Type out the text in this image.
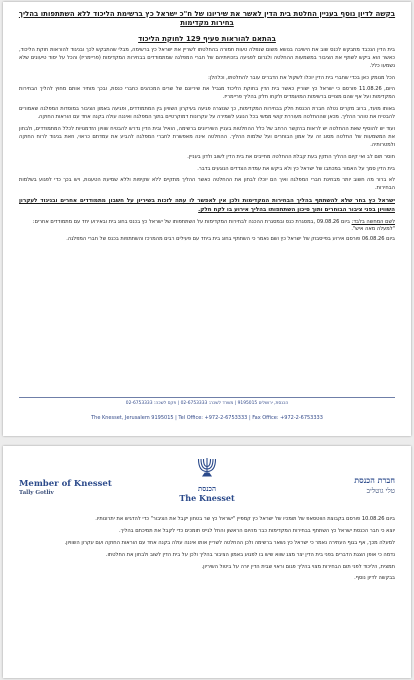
בקשה לדיון נוסף בעניין החלטת בית הדין לאשר את שיריונו של ח"כ ישראל כץ ברשימת הליכוד ללא השתתפותו בהליך בחירות מקדימות
בהתאם להוראות סעיף 129 לחוקת הליכוד
בית הדין הנכבד מתבקש לכנס שוב את הישיבה בנושא משום שנפלה טעות חמורה בהחלטתו לשריין את ישראל כץ ברשימה, מבלי שהתבקש לכך ובניגוד להוראות חוקת הליכוד, כאשר הוא ביקש לשתף את הציבור במשמעות ההחלטה ולגרום לפגיעה בזכויותיהם של חברי המפלגה שמתמודדים בבחירות המקדימות (פריימריז) והכל על יסוד טיעונים שלא נשמעו כלל.
הכל מנומק כאן בכדי שחברי בית הדין יוכלו לשקול את הדברים עובר להחלטתו, וכלהלן:
היום, 11.08.26 פורסם כי ישראל כץ ישוריין כאשר בית הדין בחוקת הליכוד מגביל את שיריונם של שרים המכהנים כחברי כנסת, ובכך מותיר אותם מחוץ להליך הבחירות המקדימות ועל אף שהם מצויים ברשימות המועמדים ולקחו חלק בהליך פריימריז.
באותו מועד, ברוב מקרים נטלה חברת הכנסת חלק בבחירות המקדימות, כך שנוצרה פגיעה בעיקרון השוויון בין המתמודדים, ופגיעה באמון הציבור במוסדות המפלגה שאמורים להבטיח את טוהר ההליך. מכאן שההחלטה מעוררת קושי ממשי בכל הנוגע לשמירה על עקרונות דמוקרטיים בתוך המפלגה ואיננה עולה בקנה אחד עם הוראות החוקה.
ועוד יש להוסיף שאת ההחלטה יש לראות בהקשר הרחב של כלל ההחלטות בעניין השיריונים ברשימה, הואיל ובית הדין נדרש להבטיח שוויון הזדמנויות לכלל המתמודדים, ולבחון את המשמעות של החלטה מסוג זה על אמון הבוחרים ועל שלמות ההליך. ההחלטה אינה מאפשרת לחברי המפלגה להביע את עמדתם כראוי, וזאת בניגוד לרוח החוקה ולמטרותיה.
חוסר תום לב ואי קיום ההליך התקין בעת קבלת ההחלטה מחייבים את בית הדין לשוב ולדון בעניין.
בית הדין סמך על האמור במכתבו של ישראל כץ ולא ביקש את עמדת הצדדים הנוגעים בדבר.
לא ברור מה חשוב יותר מבחינת חברי המפלגה ואיך הם יוכלו לבחון את ההחלטה כאשר ההליך מתקיים ללא שקיפות וללא שמיעת הטענות, ויש בכך כדי לפגוע בשלמות הבחירות.
ישראל כץ בחר שלא להשתתף בהליך הבחירות המקדימות ולכן אין לאפשר לו עתה לזכות בשיריון על חשבון מתמודדים אחרים ובניגוד לעקרון השוויון בפני ציבור הבוחרים ותוך סיכון השתתפותו בהליך אירוע בו לקח חלק.
לשם המחשה בלבד: ביום 09.08.26 ,במסגרת כנס ובמסגרת ההכנה לבחירות המקדימות על השתתפותו של ישראל כץ בכנס בחוג בית ובאירוע יחד עם מתמודדים אחרים: "למעלה מאה איש".
ביום 06.08.26 פורסם אירוע בפייסבוק של ישראל כץ ושם נאמר כי השתתף בחוג בית ביחד עם פעילים רבים מהמרכז והשתתפות בכנס של חברי המפלגה.
הכנסת, ירושלים 9195015 | משרד לשכה: 02-6753333 | פקס לשכה: 02-6753333
The Knesset, Jerusalem 9195015 | Tel Office: +972-2-6753333 | Fax Office: +972-2-6753333
הכנסת
The Knesset
Member of Knesset
Tally Gotliv
חברת הכנסת
טלי גוטליב
ביום 10.08.26 פורסם בקבוצת הווטסאפ של תומכיו של ישראל כץ קמפיין "ישראל כץ שר בטחון יקבל את הציבור" כדי להדגיש את יתרונותיו.
יוצא כי חבר הכנסת ישראל כץ השתתף בבחירות המקדימות כבר מהיום הראשון והחל לגייס תומכים כדי לקבל את תמיכתם בהליך.
למעלה מכך, אף בגוף העתירה נאמר כי ישראל כץ נשאר ברשימה ולכן ההחלטה לשריין אותו איננה עולה בקנה אחד עם הוראות החוקה ועם עקרון השוויון.
נדמה כי אופן הצגת הדברים בפני בית הדין יצר מצג שווא שיש בו לפגוע באמון הציבור בהליך ולכן על בית הדין לשוב ולבחון את החלטתו.
תמצית, הליכוד לפני תום הבחירות מצוי בהליך פגום וראוי שבית הדין יורה על ביטול השיריון.
בבקשה לדיון נוסף.
